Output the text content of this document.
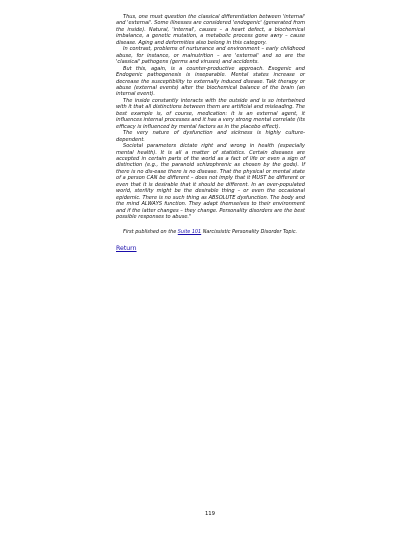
Thus, one must question the classical differentiation between 'internal' and 'external'. Some illnesses are considered 'endogenic' (generated from the inside). Natural, 'internal', causes – a heart defect, a biochemical imbalance, a genetic mutation, a metabolic process gone awry – cause disease. Aging and deformities also belong in this category.

In contrast, problems of nurturance and environment – early childhood abuse, for instance, or malnutrition – are 'external' and so are the 'classical' pathogens (germs and viruses) and accidents.

But this, again, is a counter-productive approach. Exogenic and Endogenic pathogenesis is inseparable. Mental states increase or decrease the susceptibility to externally induced disease. Talk therapy or abuse (external events) alter the biochemical balance of the brain (an internal event).

The inside constantly interacts with the outside and is so intertwined with it that all distinctions between them are artificial and misleading. The best example is, of course, medication: it is an external agent, it influences internal processes and it has a very strong mental correlate (its efficacy is influenced by mental factors as in the placebo effect).

The very nature of dysfunction and sickness is highly culture-dependent.

Societal parameters dictate right and wrong in health (especially mental health). It is all a matter of statistics. Certain diseases are accepted in certain parts of the world as a fact of life or even a sign of distinction (e.g., the paranoid schizophrenic as chosen by the gods). If there is no dis-ease there is no disease. That the physical or mental state of a person CAN be different – does not imply that it MUST be different or even that it is desirable that it should be different. In an over-populated world, sterility might be the desirable thing – or even the occasional epidemic. There is no such thing as ABSOLUTE dysfunction. The body and the mind ALWAYS function. They adapt themselves to their environment and if the latter changes – they change. Personality disorders are the best possible responses to abuse."

First published on the Suite 101 Narcissistic Personality Disorder Topic.

Return
119
